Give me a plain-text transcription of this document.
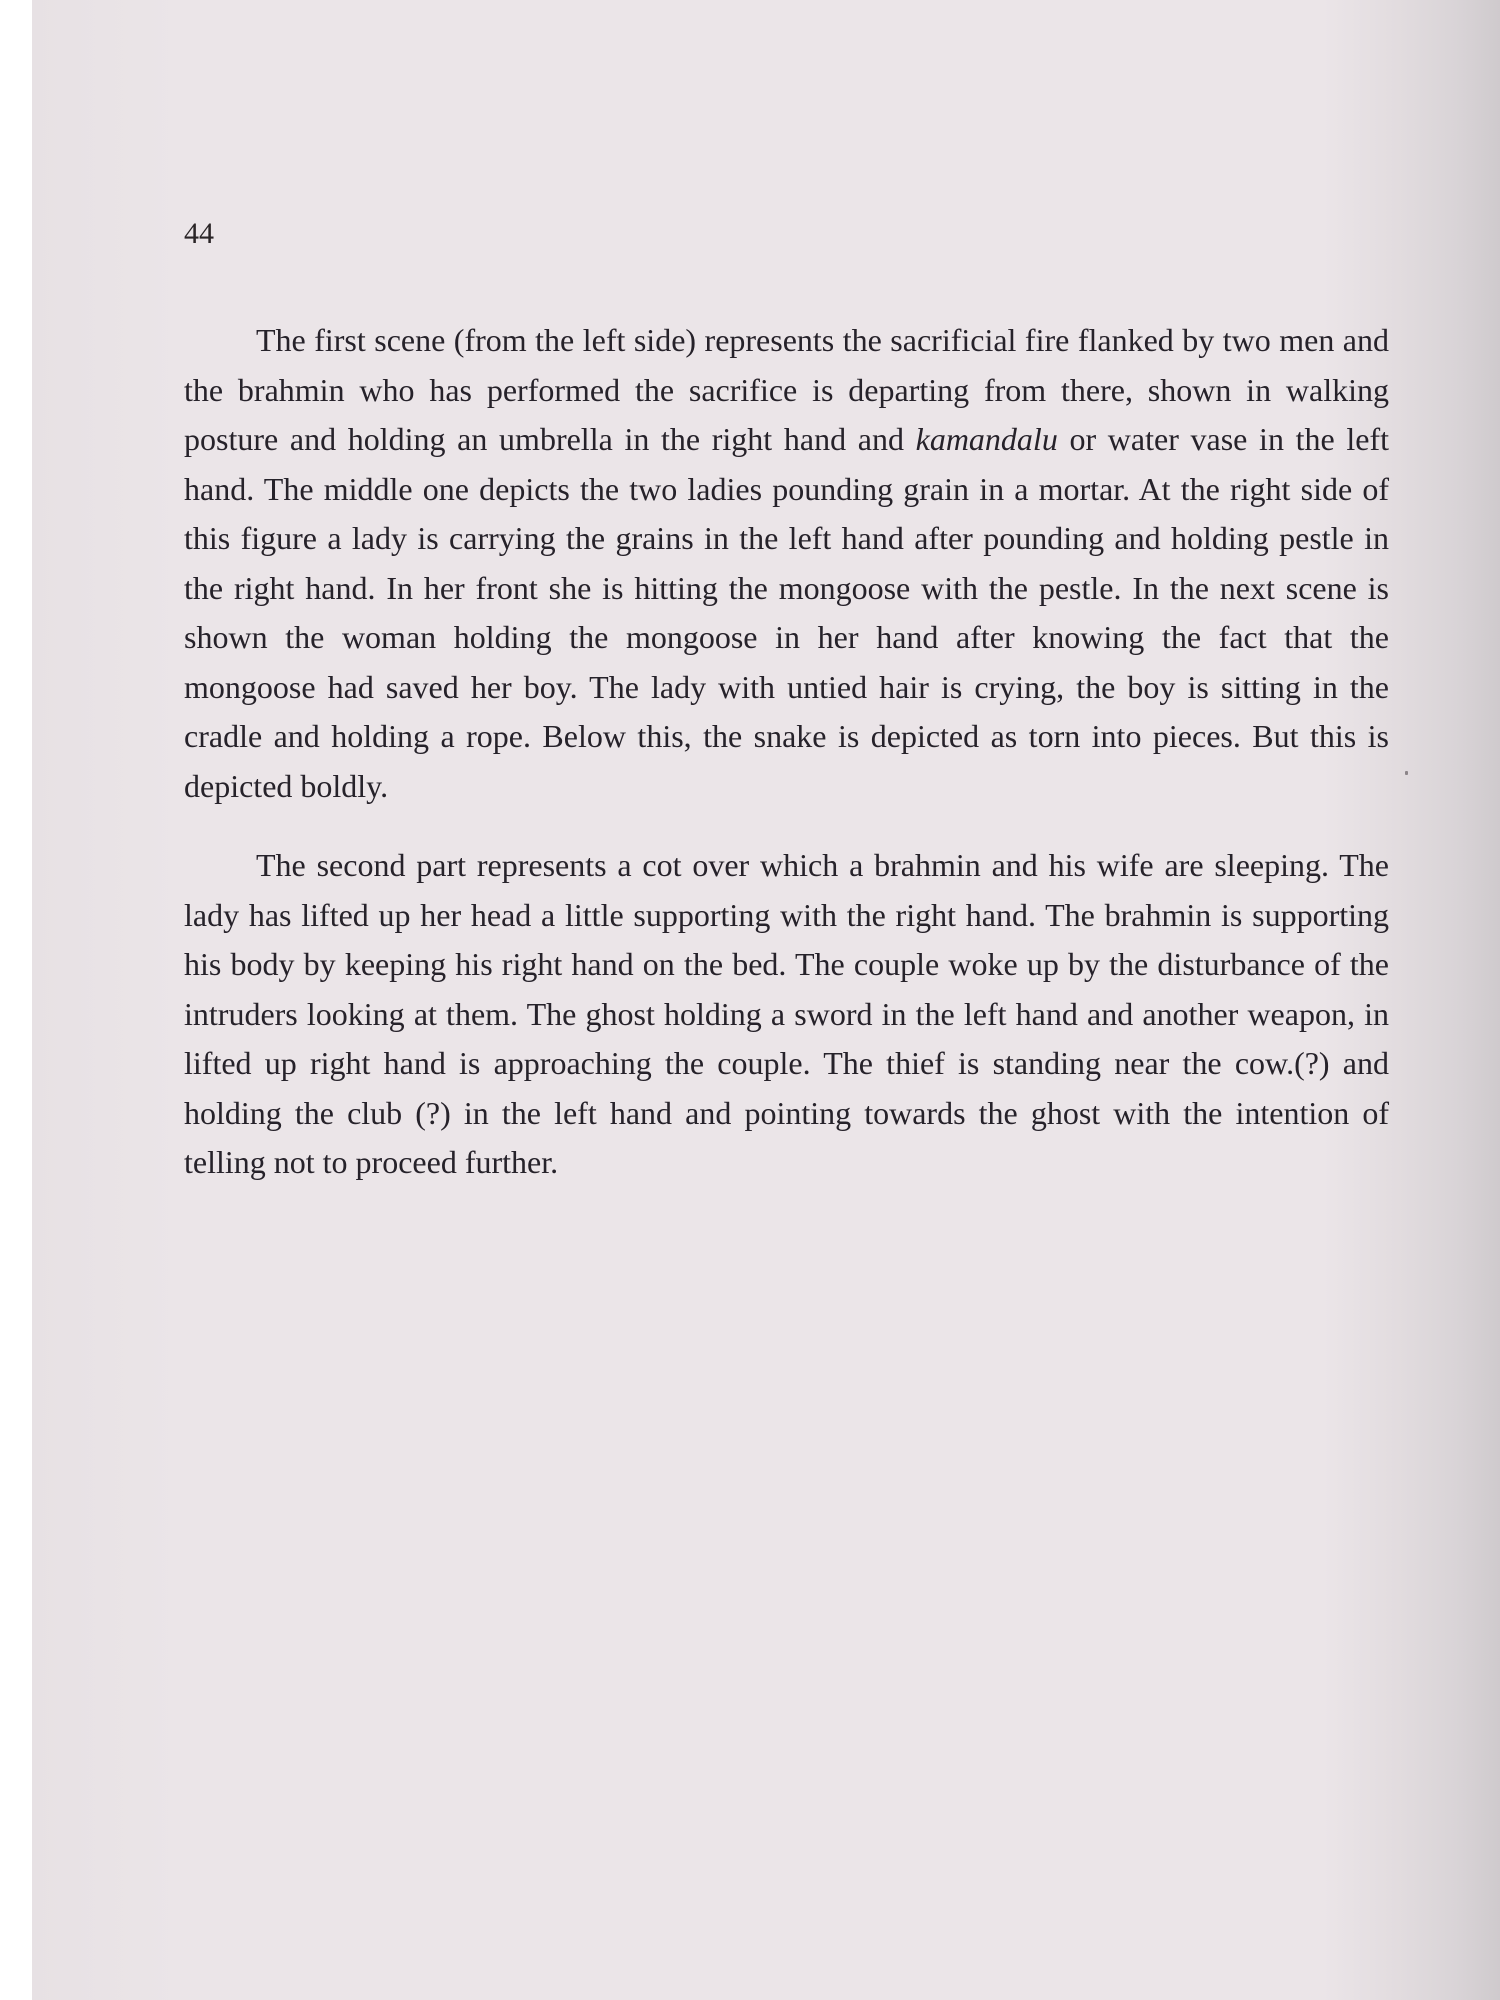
44

The first scene (from the left side) represents the sacrificial fire flanked by two men and the brahmin who has performed the sacrifice is departing from there, shown in walking posture and holding an umbrella in the right hand and kamandalu or water vase in the left hand. The middle one depicts the two ladies pounding grain in a mortar. At the right side of this figure a lady is carrying the grains in the left hand after pounding and holding pestle in the right hand. In her front she is hitting the mongoose with the pestle. In the next scene is shown the woman holding the mongoose in her hand after knowing the fact that the mongoose had saved her boy. The lady with untied hair is crying, the boy is sitting in the cradle and holding a rope. Below this, the snake is depicted as torn into pieces. But this is depicted boldly.

The second part represents a cot over which a brahmin and his wife are sleeping. The lady has lifted up her head a little supporting with the right hand. The brahmin is supporting his body by keeping his right hand on the bed. The couple woke up by the disturbance of the intruders looking at them. The ghost holding a sword in the left hand and another weapon, in lifted up right hand is approaching the couple. The thief is standing near the cow.(?) and holding the club (?) in the left hand and pointing towards the ghost with the intention of telling not to proceed further.
